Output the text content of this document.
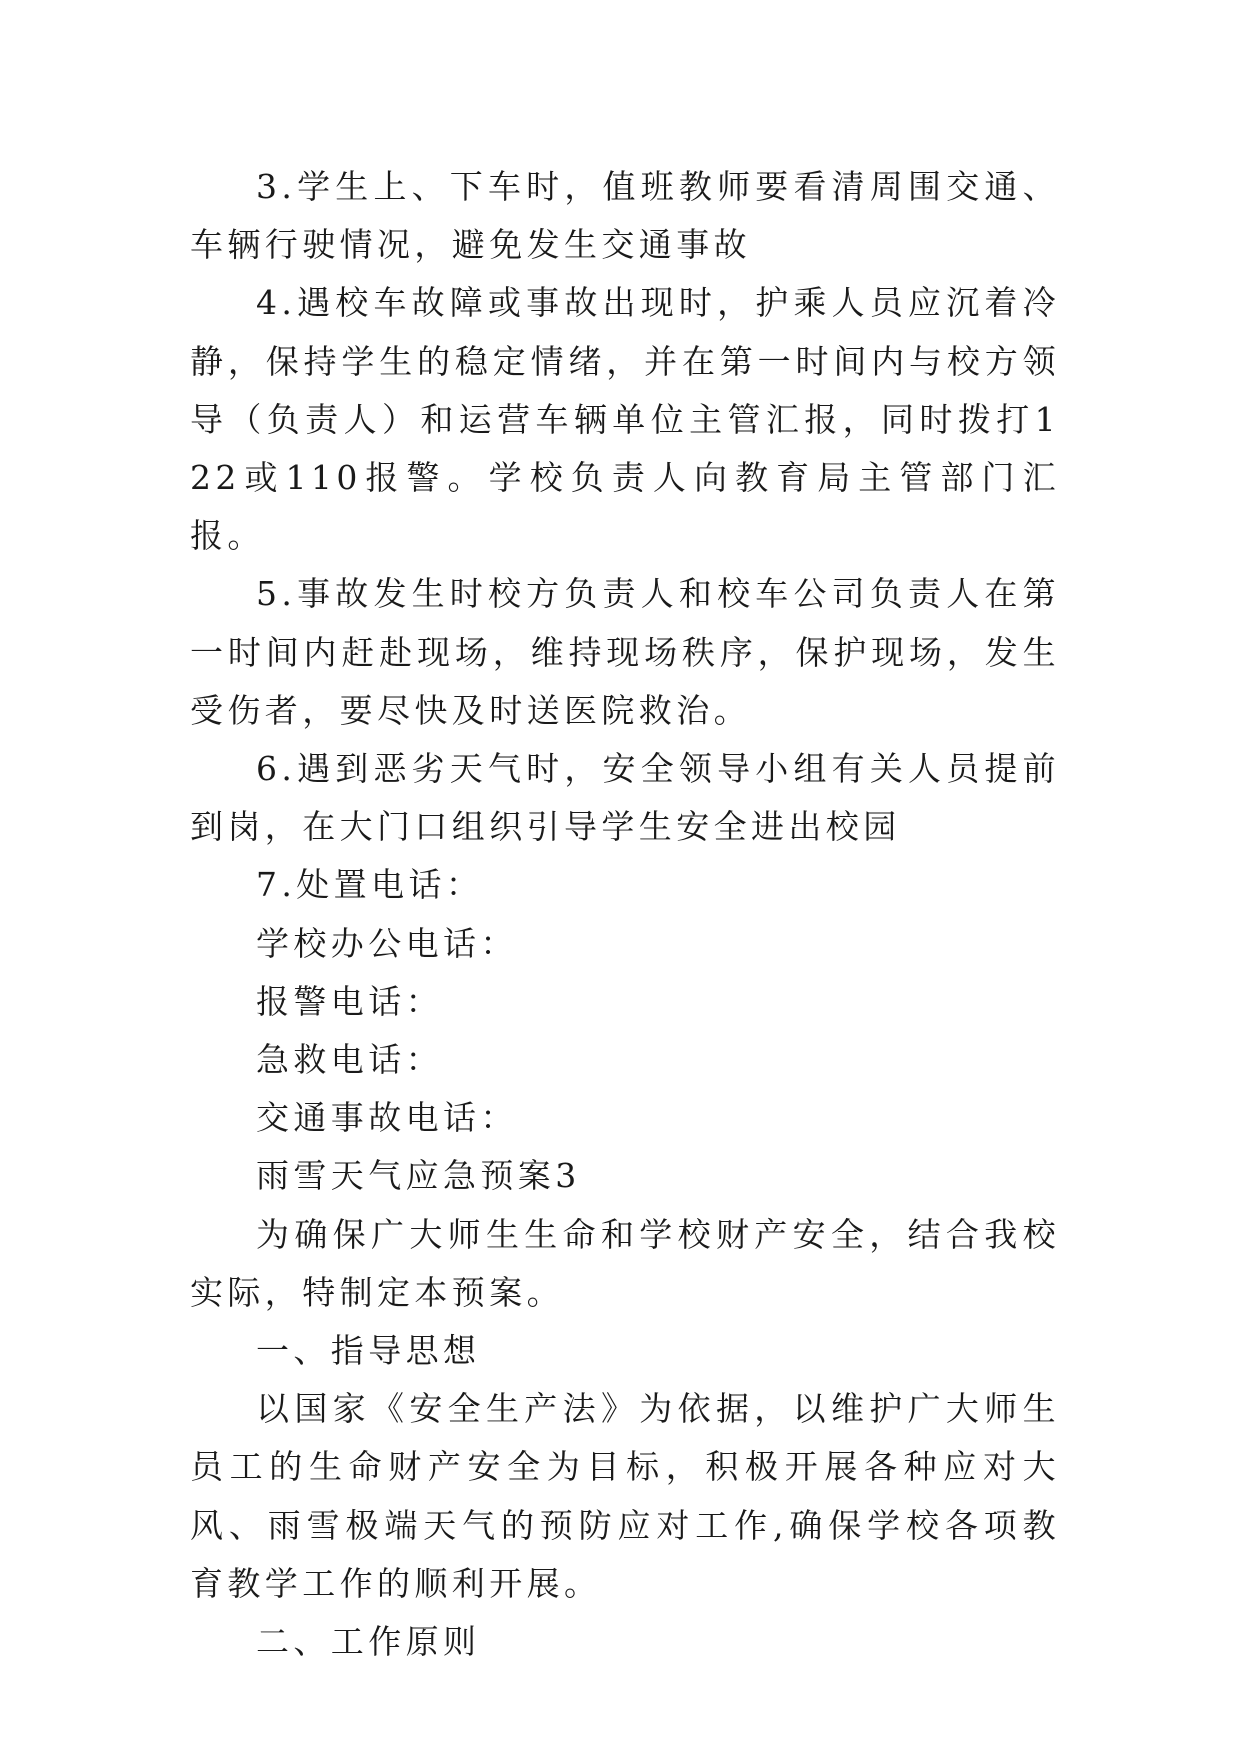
3.学生上、下车时，值班教师要看清周围交通、车辆行驶情况，避免发生交通事故

4.遇校车故障或事故出现时，护乘人员应沉着冷静，保持学生的稳定情绪，并在第一时间内与校方领导（负责人）和运营车辆单位主管汇报，同时拨打122或110报警。学校负责人向教育局主管部门汇报。

5.事故发生时校方负责人和校车公司负责人在第一时间内赶赴现场，维持现场秩序，保护现场，发生受伤者，要尽快及时送医院救治。

6.遇到恶劣天气时，安全领导小组有关人员提前到岗，在大门口组织引导学生安全进出校园

7.处置电话：

学校办公电话：

报警电话：

急救电话：

交通事故电话：

雨雪天气应急预案3

为确保广大师生生命和学校财产安全，结合我校实际，特制定本预案。

一、指导思想

以国家《安全生产法》为依据，以维护广大师生员工的生命财产安全为目标，积极开展各种应对大风、雨雪极端天气的预防应对工作,确保学校各项教育教学工作的顺利开展。

二、工作原则
